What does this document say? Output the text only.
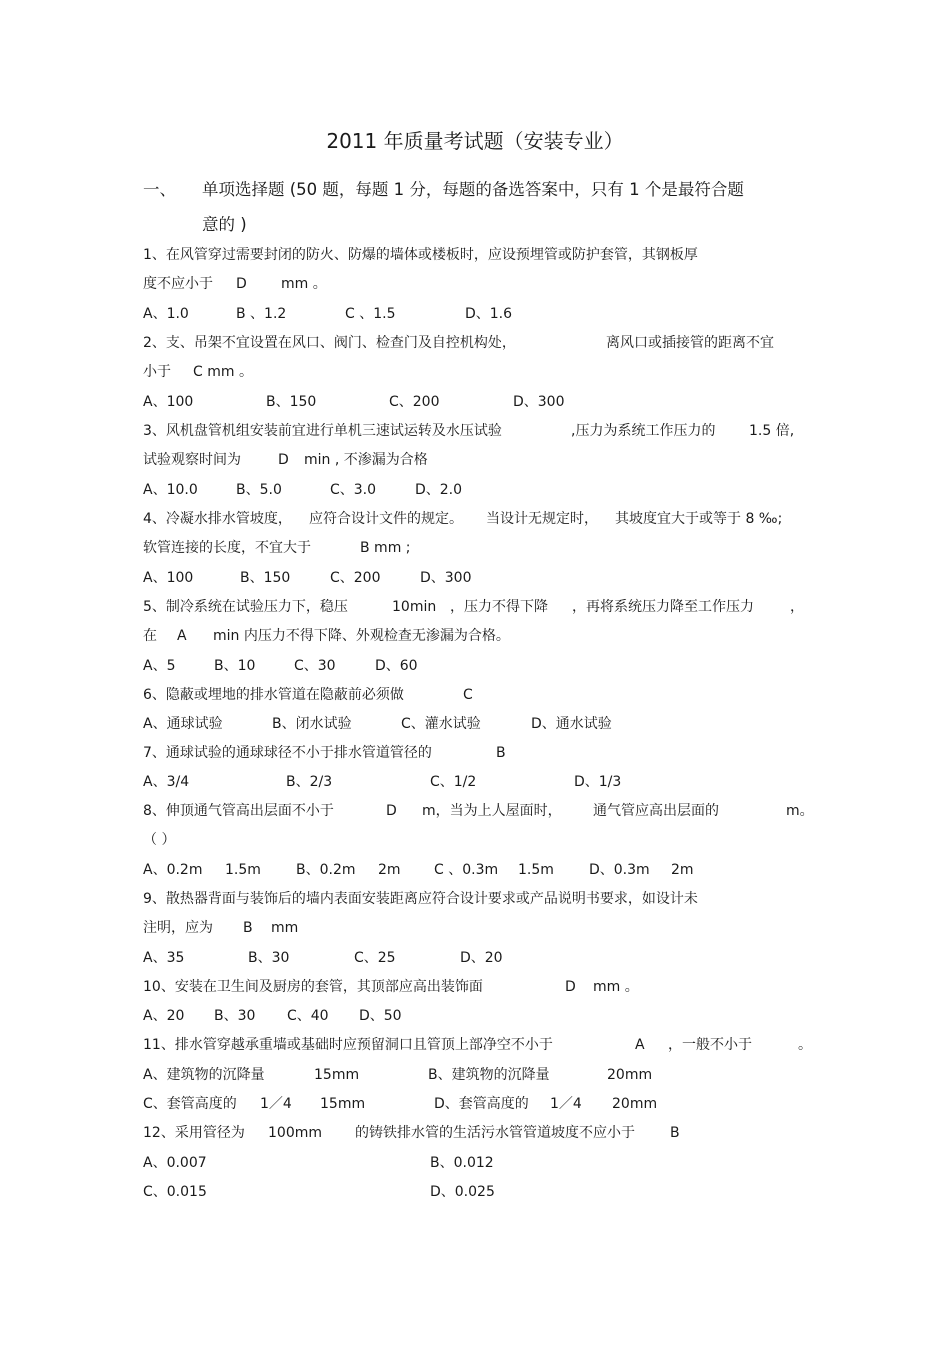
2011 年质量考试题（安装专业）
一、 单项选择题 (50 题，每题 1 分，每题的备选答案中，只有 1 个是最符合题
意的 )
1、在风管穿过需要封闭的防火、防爆的墙体或楼板时，应设预埋管或防护套管，其钢板厚
度不应小于 D mm 。
A、1.0	B 、1.2	C 、1.5	D、1.6
2、支、吊架不宜设置在风口、阀门、检查门及自控机构处，	离风口或插接管的距离不宜
小于 C mm 。
A、100	B、150	C、200	D、300
3、风机盘管机组安装前宜进行单机三速试运转及水压试验	,压力为系统工作压力的 1.5 倍,
试验观察时间为	D min , 不渗漏为合格
A、10.0	B、5.0	C、3.0	D、2.0
4、冷凝水排水管坡度， 应符合设计文件的规定。 当设计无规定时， 其坡度宜大于或等于 8 ‰;
软管连接的长度，不宜大于	B mm ;
A、100	B、150	C、200	D、300
5、制冷系统在试验压力下，稳压	10min ，压力不得下降 ，再将系统压力降至工作压力	，
在 A min 内压力不得下降、外观检查无渗漏为合格。
A、5	B、10	C、30	D、60
6、隐蔽或埋地的排水管道在隐蔽前必须做	C
A、通球试验	B、闭水试验	C、灌水试验	D、通水试验
7、通球试验的通球球径不小于排水管道管径的	B
A、3/4	B、2/3	C、1/2	D、1/3
8、伸顶通气管高出层面不小于	D m，当为上人屋面时， 通气管应高出层面的	m。
（ ）
A、0.2m 1.5m	B、0.2m 2m C 、0.3m 1.5m	D、0.3m 2m
9、散热器背面与装饰后的墙内表面安装距离应符合设计要求或产品说明书要求，如设计未
注明，应为 B mm
A、35	B、30	C、25	D、20
10、安装在卫生间及厨房的套管，其顶部应高出装饰面	D mm 。
A、20 B、30 C、40 D、50
11、排水管穿越承重墙或基础时应预留洞口且管顶上部净空不小于	A ，一般不小于	。
A、建筑物的沉降量	15mm	B、建筑物的沉降量	20mm
C、套管高度的 1／4 15mm	D、套管高度的 1／4 20mm
12、采用管径为 100mm 的铸铁排水管的生活污水管管道坡度不应小于	B
A、0.007	B、0.012
C、0.015	D、0.025
